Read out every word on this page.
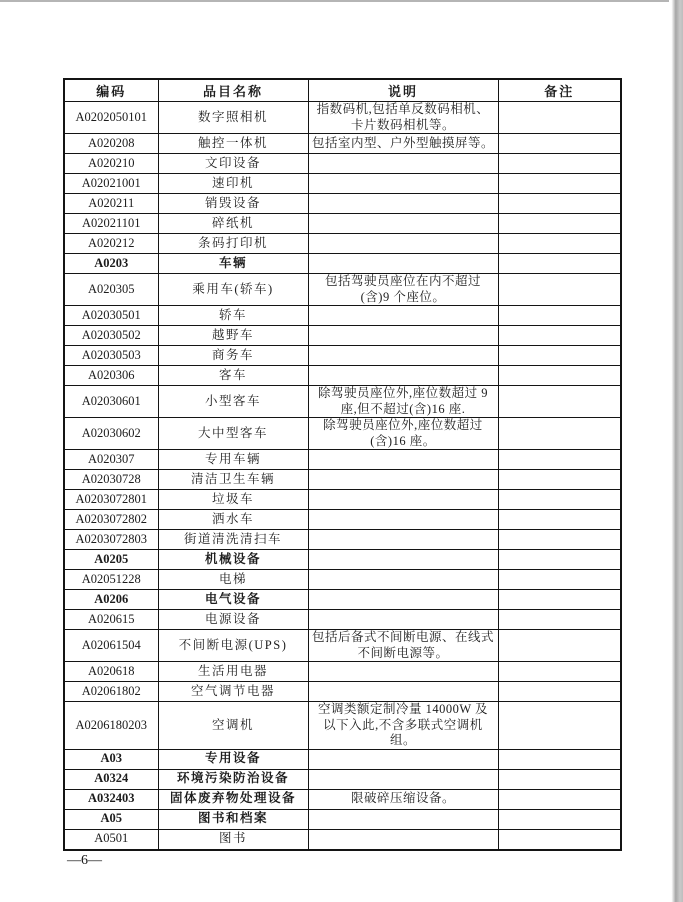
编码	品目名称	说明	备注
A0202050101	数字照相机	指数码机,包括单反数码相机、卡片数码相机等。	
A020208	触控一体机	包括室内型、户外型触摸屏等。	
A020210	文印设备		
A02021001	速印机		
A020211	销毁设备		
A02021101	碎纸机		
A020212	条码打印机		
A0203	车辆		
A020305	乘用车(轿车)	包括驾驶员座位在内不超过(含)9 个座位。	
A02030501	轿车		
A02030502	越野车		
A02030503	商务车		
A020306	客车		
A02030601	小型客车	除驾驶员座位外,座位数超过 9 座,但不超过(含)16 座.	
A02030602	大中型客车	除驾驶员座位外,座位数超过(含)16 座。	
A020307	专用车辆		
A02030728	清洁卫生车辆		
A0203072801	垃圾车		
A0203072802	洒水车		
A0203072803	街道清洗清扫车		
A0205	机械设备		
A02051228	电梯		
A0206	电气设备		
A020615	电源设备		
A02061504	不间断电源(UPS)	包括后备式不间断电源、在线式不间断电源等。	
A020618	生活用电器		
A02061802	空气调节电器		
A0206180203	空调机	空调类额定制冷量 14000W 及以下入此,不含多联式空调机组。	
A03	专用设备		
A0324	环境污染防治设备		
A032403	固体废弃物处理设备	限破碎压缩设备。	
A05	图书和档案		
A0501	图书		
—6—
